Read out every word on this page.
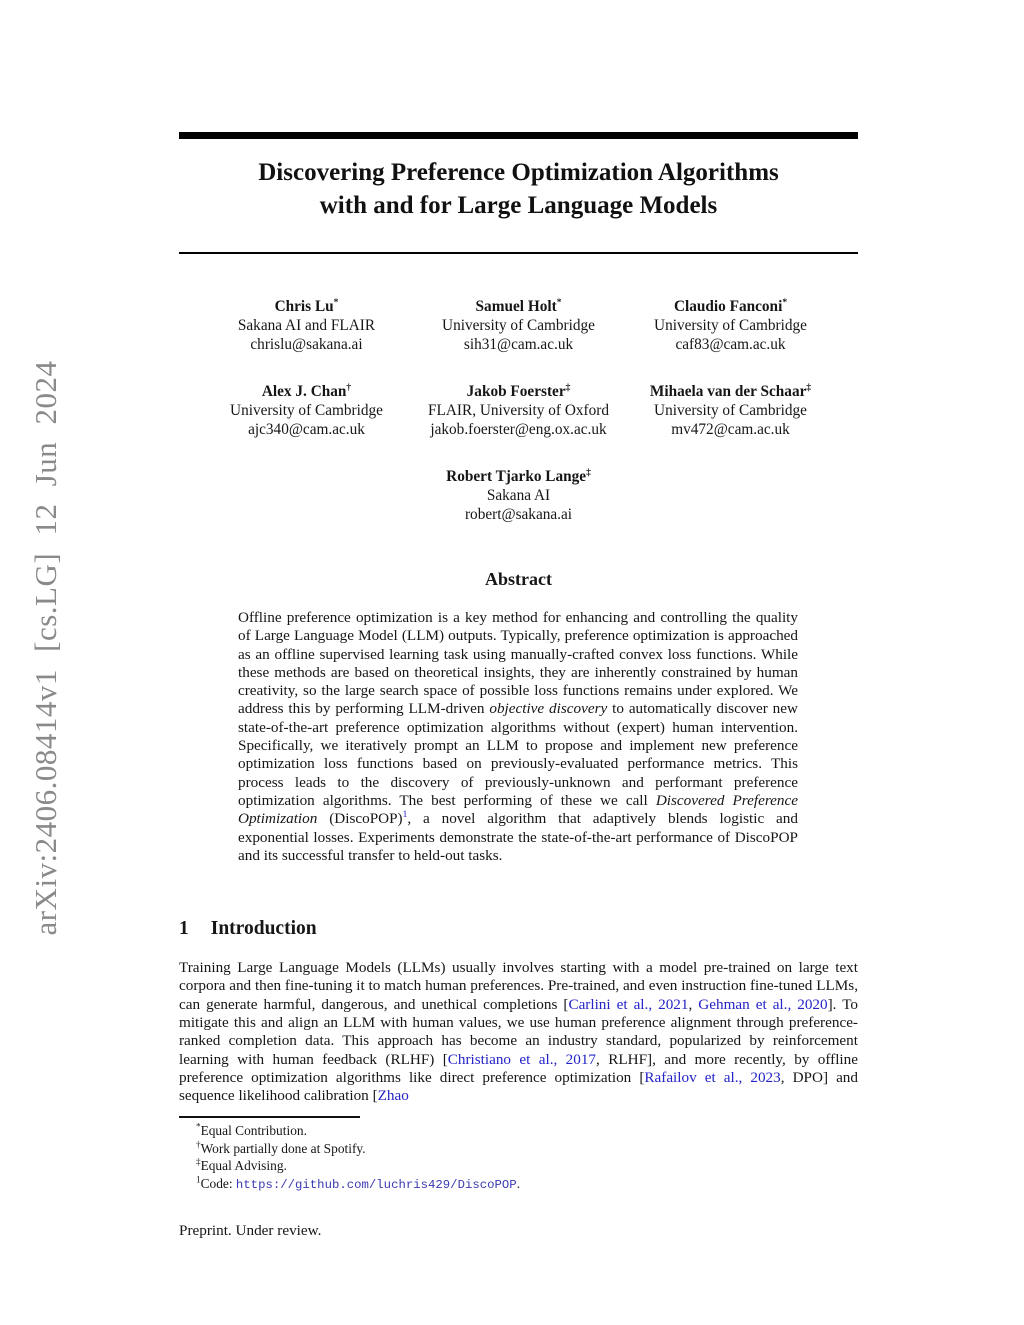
arXiv:2406.08414v1 [cs.LG] 12 Jun 2024
Discovering Preference Optimization Algorithms
with and for Large Language Models
Chris Lu*
Sakana AI and FLAIR
chrislu@sakana.ai
Samuel Holt*
University of Cambridge
sih31@cam.ac.uk
Claudio Fanconi*
University of Cambridge
caf83@cam.ac.uk
Alex J. Chan†
University of Cambridge
ajc340@cam.ac.uk
Jakob Foerster‡
FLAIR, University of Oxford
jakob.foerster@eng.ox.ac.uk
Mihaela van der Schaar‡
University of Cambridge
mv472@cam.ac.uk
Robert Tjarko Lange‡
Sakana AI
robert@sakana.ai
Abstract

Offline preference optimization is a key method for enhancing and controlling the quality of Large Language Model (LLM) outputs. Typically, preference optimization is approached as an offline supervised learning task using manually-crafted convex loss functions. While these methods are based on theoretical insights, they are inherently constrained by human creativity, so the large search space of possible loss functions remains under explored. We address this by performing LLM-driven objective discovery to automatically discover new state-of-the-art preference optimization algorithms without (expert) human intervention. Specifically, we iteratively prompt an LLM to propose and implement new preference optimization loss functions based on previously-evaluated performance metrics. This process leads to the discovery of previously-unknown and performant preference optimization algorithms. The best performing of these we call Discovered Preference Optimization (DiscoPOP)$^1$, a novel algorithm that adaptively blends logistic and exponential losses. Experiments demonstrate the state-of-the-art performance of DiscoPOP and its successful transfer to held-out tasks.

1 Introduction

Training Large Language Models (LLMs) usually involves starting with a model pre-trained on large text corpora and then fine-tuning it to match human preferences. Pre-trained, and even instruction fine-tuned LLMs, can generate harmful, dangerous, and unethical completions [Carlini et al., 2021, Gehman et al., 2020]. To mitigate this and align an LLM with human values, we use human preference alignment through preference-ranked completion data. This approach has become an industry standard, popularized by reinforcement learning with human feedback (RLHF) [Christiano et al., 2017, RLHF], and more recently, by offline preference optimization algorithms like direct preference optimization [Rafailov et al., 2023, DPO] and sequence likelihood calibration [Zhao

*Equal Contribution.
†Work partially done at Spotify.
‡Equal Advising.
$^1$Code: https://github.com/luchris429/DiscoPOP.
Preprint. Under review.
